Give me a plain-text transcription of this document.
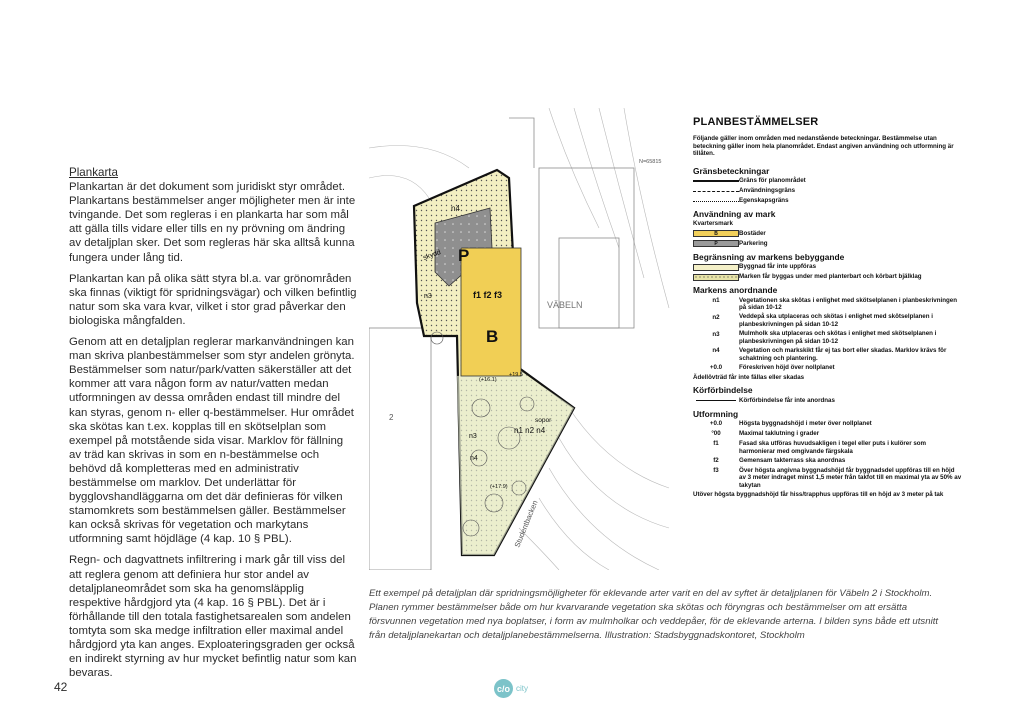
Plankarta

Plankartan är det dokument som juridiskt styr området. Plankartans bestämmelser anger möjligheter men är inte tvingande. Det som regleras i en plankarta har som mål att gälla tills vidare eller tills en ny prövning om ändring av detaljplan sker. Det som regleras här ska alltså kunna fungera under lång tid.

Plankartan kan på olika sätt styra bl.a. var grönområden ska finnas (viktigt för spridningsvägar) och vilken befintlig natur som ska vara kvar, vilket i stor grad påverkar den biologiska mångfalden.

Genom att en detaljplan reglerar markanvändningen kan man skriva planbestämmelser som styr andelen grönyta. Bestämmelser som natur/park/vatten säkerställer att det kommer att vara någon form av natur/vatten medan utformningen av dessa områden endast till mindre del kan styras, genom n- eller q-bestämmelser. Hur området ska skötas kan t.ex. kopplas till en skötselplan som exempel på motstående sida visar. Marklov för fällning av träd kan skrivas in som en n-bestämmelse och behövd då kompletteras med en administrativ bestämmelse om marklov. Det underlättar för bygglovshandläggarna om det där definieras för vilken stamomkrets som bestämmelsen gäller. Bestämmelser kan också skrivas för vegetation och markytans utformning samt höjdläge (4 kap. 10 § PBL).

Regn- och dagvattnets infiltrering i mark går till viss del att reglera genom att definiera hur stor andel av detaljplaneområdet som ska ha genomsläpplig respektive hårdgjord yta (4 kap. 16 § PBL). Det är i förhållande till den totala fastighetsarealen som andelen tomtyta som ska medge infiltration eller maximal andel hårdgjord yta kan anges. Exploateringsgraden ger också en indirekt styrning av hur mycket befintlig natur som kan bevaras.

n4
skydd P
n3	f1 f2 f3
B
+19.5
(+16.1)
sopor
n1 n2 n4
n3
n4
(+17.9)
Studentbacken
VÄBELN
2
N=65815
PLANBESTÄMMELSER
Följande gäller inom områden med nedanstående beteckningar. Bestämmelse utan beteckning gäller inom hela planområdet. Endast angiven användning och utformning är tillåten.
Gränsbeteckningar
Gräns för planområdet
Användningsgräns
Egenskapsgräns
Användning av mark
Kvartersmark
B	Bostäder
P	Parkering
Begränsning av markens bebyggande
Byggnad får inte uppföras
Marken får byggas under med planterbart och körbart bjälklag
Markens anordnande
n1	Vegetationen ska skötas i enlighet med skötselplanen i planbeskrivningen på sidan 10-12
n2	Veddepå ska utplaceras och skötas i enlighet med skötselplanen i planbeskrivningen på sidan 10-12
n3	Mulmholk ska utplaceras och skötas i enlighet med skötselplanen i planbeskrivningen på sidan 10-12
n4	Vegetation och markskikt får ej tas bort eller skadas. Marklov krävs för schaktning och plantering.
+0.0	Föreskriven höjd över nollplanet
Ädellövträd får inte fällas eller skadas
Körförbindelse
Körförbindelse får inte anordnas
Utformning
+0.0	Högsta byggnadshöjd i meter över nollplanet
°00	Maximal taklutning i grader
f1	Fasad ska utföras huvudsakligen i tegel eller puts i kulörer som harmonierar med omgivande färgskala
f2	Gemensam takterrass ska anordnas
f3	Över högsta angivna byggnadshöjd får byggnadsdel uppföras till en höjd av 3 meter indraget minst 1,5 meter från takfot till en maximal yta av 50% av takytan
Utöver högsta byggnadshöjd får hiss/trapphus uppföras till en höjd av 3 meter på tak
Ett exempel på detaljplan där spridningsmöjligheter för eklevande arter varit en del av syftet är detaljplanen för Väbeln 2 i Stockholm. Planen rymmer bestämmelser både om hur kvarvarande vegetation ska skötas och föryngras och bestämmelser om att ersätta försvunnen vegetation med nya boplatser, i form av mulmholkar och veddepåer, för de eklevande arterna. I bilden syns både ett utsnitt från detaljplanekartan och detaljplanebestämmelserna. Illustration: Stadsbyggnadskontoret, Stockholm
42	c/o city
